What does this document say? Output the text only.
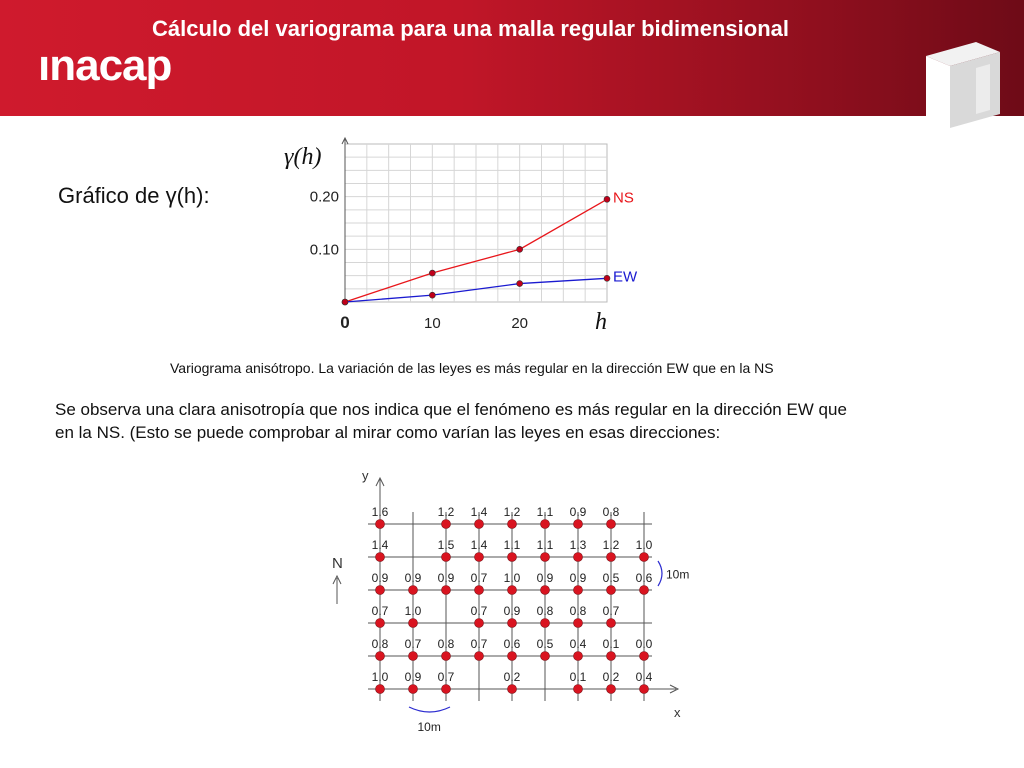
Cálculo del variograma para una malla regular bidimensional
ınacap
Gráfico de γ(h):
0	10	20
0.10
0.20
γ(h)
h
NS
EW
Variograma anisótropo. La variación de las leyes es más regular en la dirección EW que en la NS
Se observa una clara anisotropía que nos indica que el fenómeno es más regular en la dirección EW que en la NS. (Esto se puede comprobar al mirar como varían las leyes en esas direcciones:
y
x
N
10m
10m
1.6	1.2 1.4 1.2 1.1 0.9 0.8
1.4	1.5 1.4 1.1 1.1 1.3 1.2 1.0
0.9 0.9 0.9 0.7 1.0 0.9 0.9 0.5 0.6
0.7 1.0	0.7 0.9 0.8 0.8 0.7
0.8 0.7 0.8 0.7 0.6 0.5 0.4 0.1 0.0
1.0 0.9 0.7	0.2	0.1 0.2 0.4
